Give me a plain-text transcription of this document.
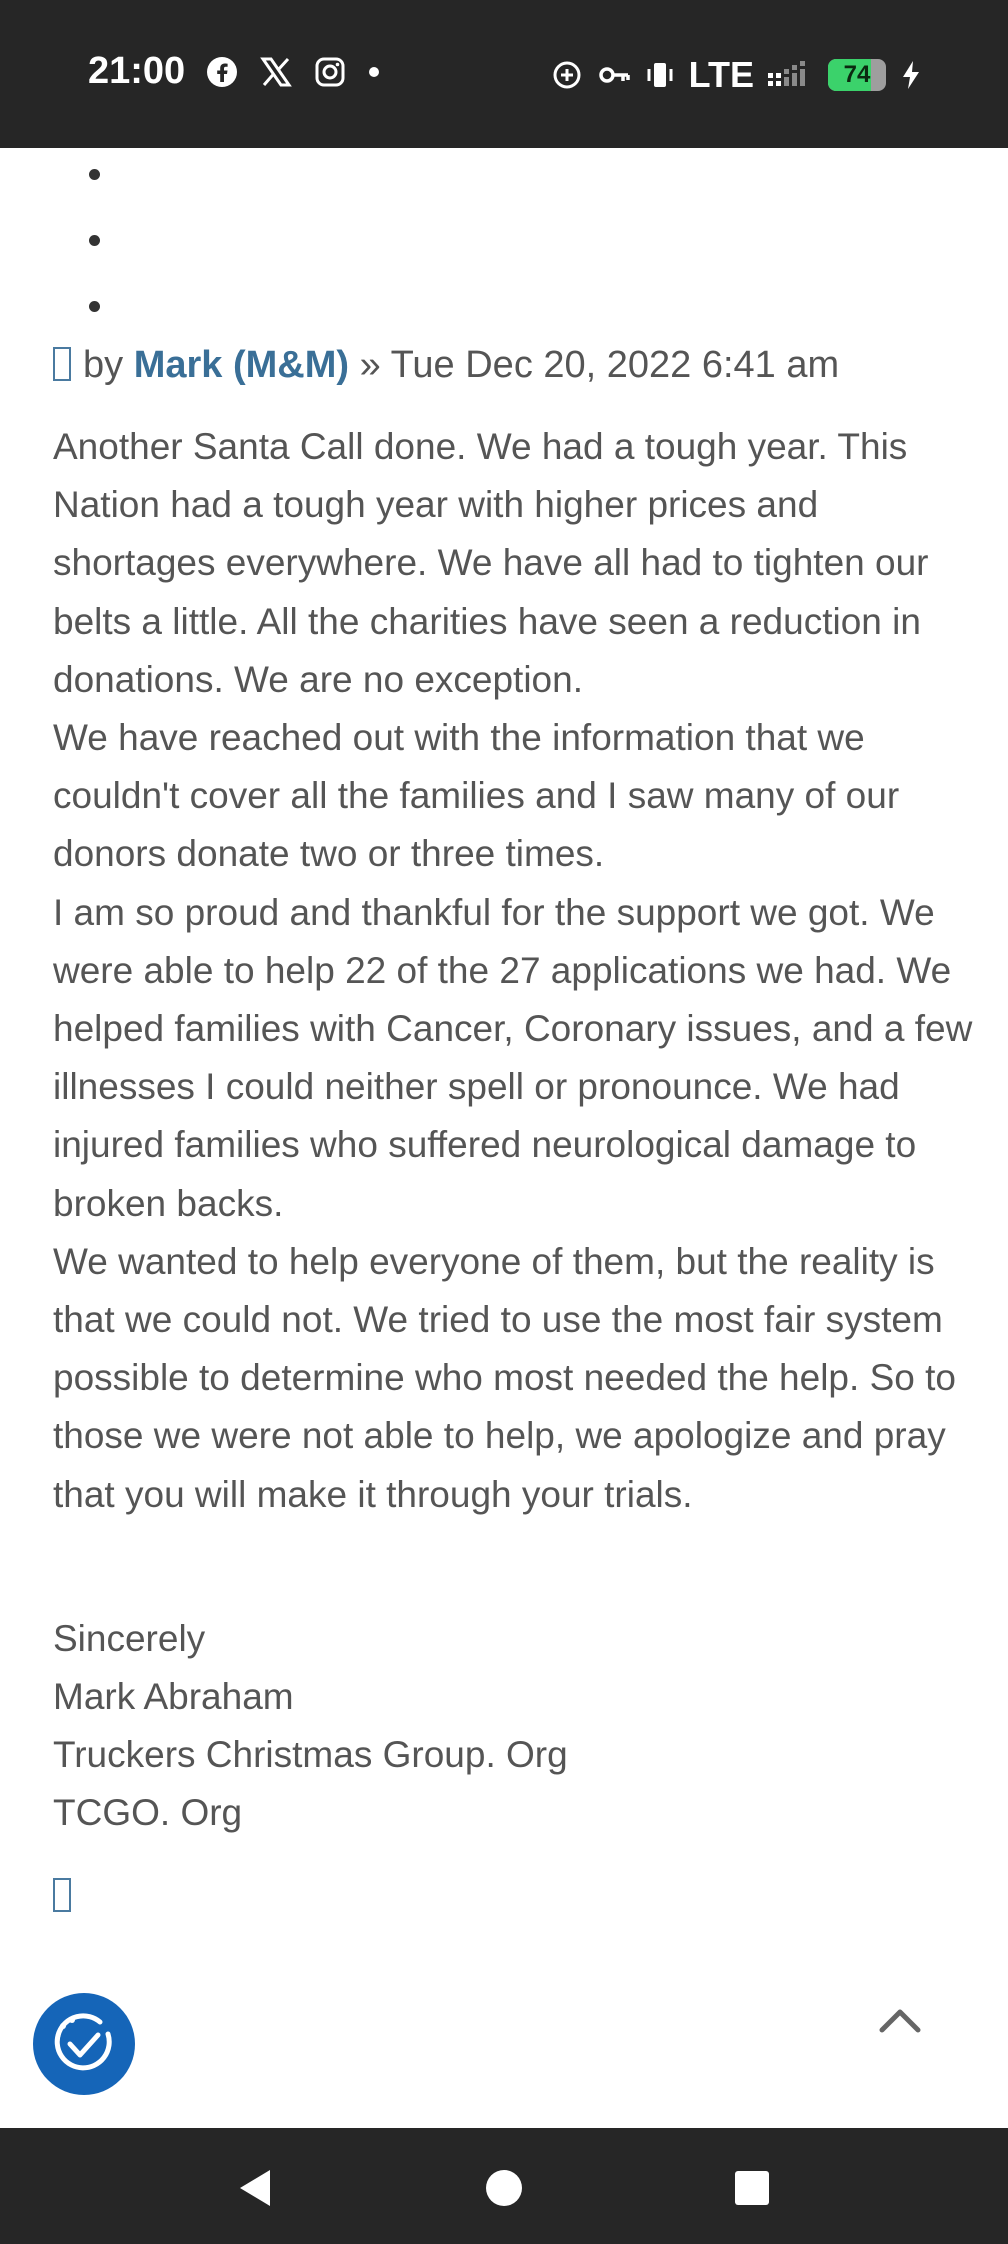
21:00	LTE	74
by Mark (M&M) » Tue Dec 20, 2022 6:41 am

Another Santa Call done. We had a tough year. This Nation had a tough year with higher prices and shortages everywhere. We have all had to tighten our belts a little. All the charities have seen a reduction in donations. We are no exception.

We have reached out with the information that we couldn't cover all the families and I saw many of our donors donate two or three times.

I am so proud and thankful for the support we got. We were able to help 22 of the 27 applications we had. We helped families with Cancer, Coronary issues, and a few illnesses I could neither spell or pronounce. We had injured families who suffered neurological damage to broken backs.

We wanted to help everyone of them, but the reality is that we could not. We tried to use the most fair system possible to determine who most needed the help. So to those we were not able to help, we apologize and pray that you will make it through your trials.

Sincerely
Mark Abraham
Truckers Christmas Group. Org
TCGO. Org
